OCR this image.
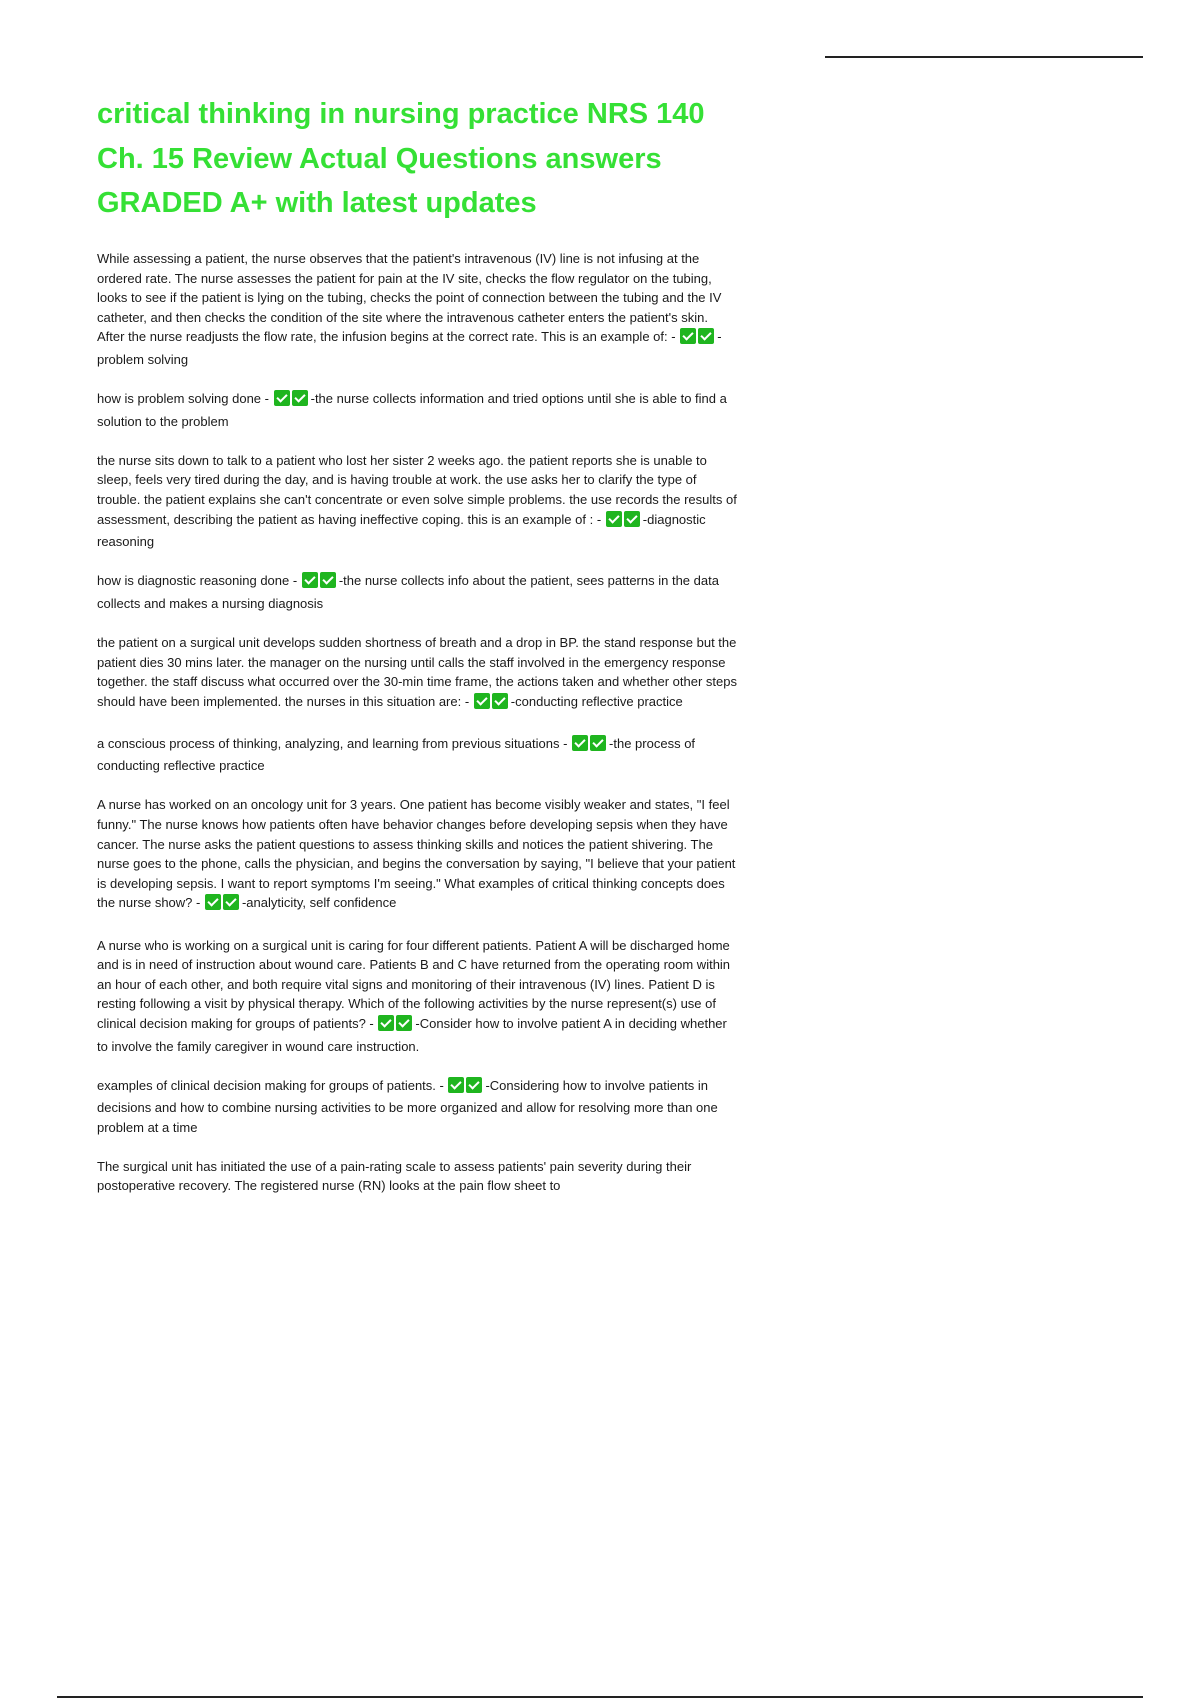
critical thinking in nursing practice NRS 140 Ch. 15 Review Actual Questions answers GRADED A+ with latest updates

While assessing a patient, the nurse observes that the patient's intravenous (IV) line is not infusing at the ordered rate. The nurse assesses the patient for pain at the IV site, checks the flow regulator on the tubing, looks to see if the patient is lying on the tubing, checks the point of connection between the tubing and the IV catheter, and then checks the condition of the site where the intravenous catheter enters the patient's skin. After the nurse readjusts the flow rate, the infusion begins at the correct rate. This is an example of: -	-problem solving

how is problem solving done -	-the nurse collects information and tried options until she is able to find a solution to the problem

the nurse sits down to talk to a patient who lost her sister 2 weeks ago. the patient reports she is unable to sleep, feels very tired during the day, and is having trouble at work. the use asks her to clarify the type of trouble. the patient explains she can't concentrate or even solve simple problems. the use records the results of assessment, describing the patient as having ineffective coping. this is an example of : -	-diagnostic reasoning

how is diagnostic reasoning done -	-the nurse collects info about the patient, sees patterns in the data collects and makes a nursing diagnosis

the patient on a surgical unit develops sudden shortness of breath and a drop in BP. the stand response but the patient dies 30 mins later. the manager on the nursing until calls the staff involved in the emergency response together. the staff discuss what occurred over the 30-min time frame, the actions taken and whether other steps should have been implemented. the nurses in this situation are: -	-conducting reflective practice

a conscious process of thinking, analyzing, and learning from previous situations -	-the process of conducting reflective practice

A nurse has worked on an oncology unit for 3 years. One patient has become visibly weaker and states, "I feel funny." The nurse knows how patients often have behavior changes before developing sepsis when they have cancer. The nurse asks the patient questions to assess thinking skills and notices the patient shivering. The nurse goes to the phone, calls the physician, and begins the conversation by saying, "I believe that your patient is developing sepsis. I want to report symptoms I'm seeing." What examples of critical thinking concepts does the nurse show? -	-analyticity, self confidence

A nurse who is working on a surgical unit is caring for four different patients. Patient A will be discharged home and is in need of instruction about wound care. Patients B and C have returned from the operating room within an hour of each other, and both require vital signs and monitoring of their intravenous (IV) lines. Patient D is resting following a visit by physical therapy. Which of the following activities by the nurse represent(s) use of clinical decision making for groups of patients? -	-Consider how to involve patient A in deciding whether to involve the family caregiver in wound care instruction.

examples of clinical decision making for groups of patients. -	-Considering how to involve patients in decisions and how to combine nursing activities to be more organized and allow for resolving more than one problem at a time

The surgical unit has initiated the use of a pain-rating scale to assess patients' pain severity during their postoperative recovery. The registered nurse (RN) looks at the pain flow sheet to
